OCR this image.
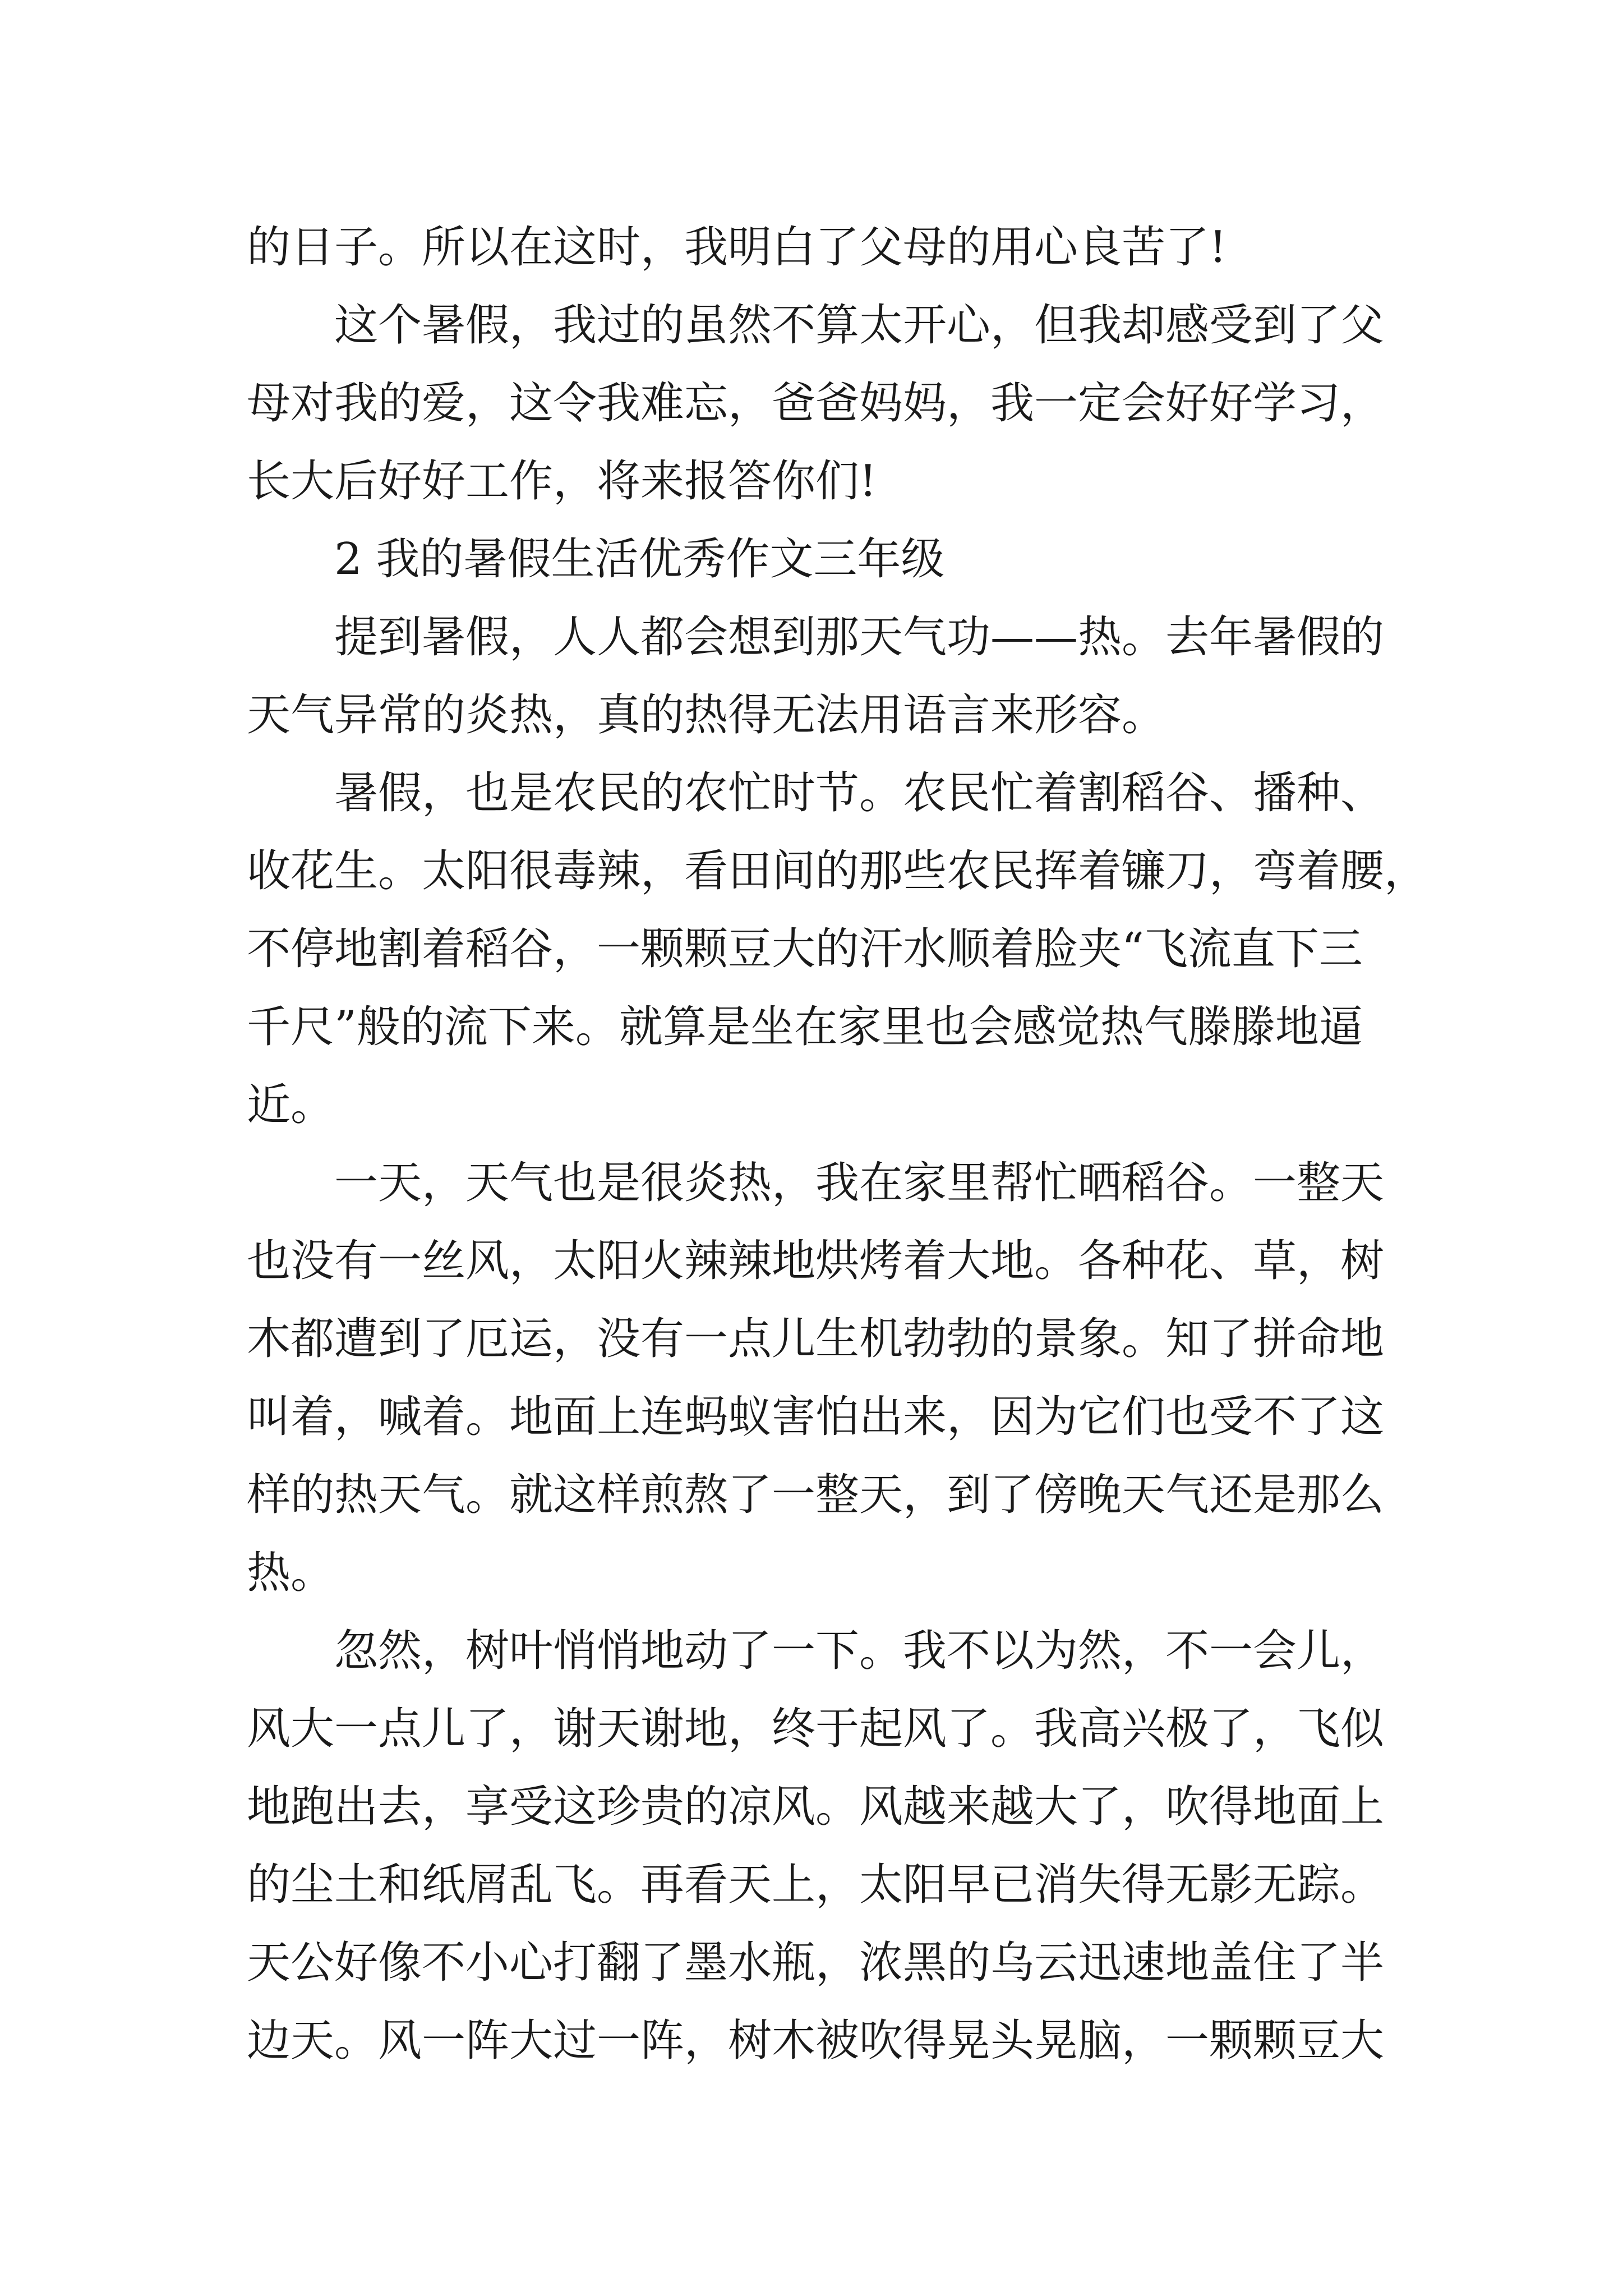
的日子。所以在这时，我明白了父母的用心良苦了!
这个暑假，我过的虽然不算太开心，但我却感受到了父
母对我的爱，这令我难忘，爸爸妈妈，我一定会好好学习，
长大后好好工作，将来报答你们!
2 我的暑假生活优秀作文三年级
提到暑假，人人都会想到那天气功——热。去年暑假的
天气异常的炎热，真的热得无法用语言来形容。
暑假，也是农民的农忙时节。农民忙着割稻谷、播种、
收花生。太阳很毒辣，看田间的那些农民挥着镰刀，弯着腰，
不停地割着稻谷，一颗颗豆大的汗水顺着脸夹“飞流直下三
千尺”般的流下来。就算是坐在家里也会感觉热气滕滕地逼
近。
一天，天气也是很炎热，我在家里帮忙晒稻谷。一整天
也没有一丝风，太阳火辣辣地烘烤着大地。各种花、草，树
木都遭到了厄运，没有一点儿生机勃勃的景象。知了拼命地
叫着，喊着。地面上连蚂蚁害怕出来，因为它们也受不了这
样的热天气。就这样煎熬了一整天，到了傍晚天气还是那么
热。
忽然，树叶悄悄地动了一下。我不以为然，不一会儿，
风大一点儿了，谢天谢地，终于起风了。我高兴极了，飞似
地跑出去，享受这珍贵的凉风。风越来越大了，吹得地面上
的尘土和纸屑乱飞。再看天上，太阳早已消失得无影无踪。
天公好像不小心打翻了墨水瓶，浓黑的乌云迅速地盖住了半
边天。风一阵大过一阵，树木被吹得晃头晃脑，一颗颗豆大
